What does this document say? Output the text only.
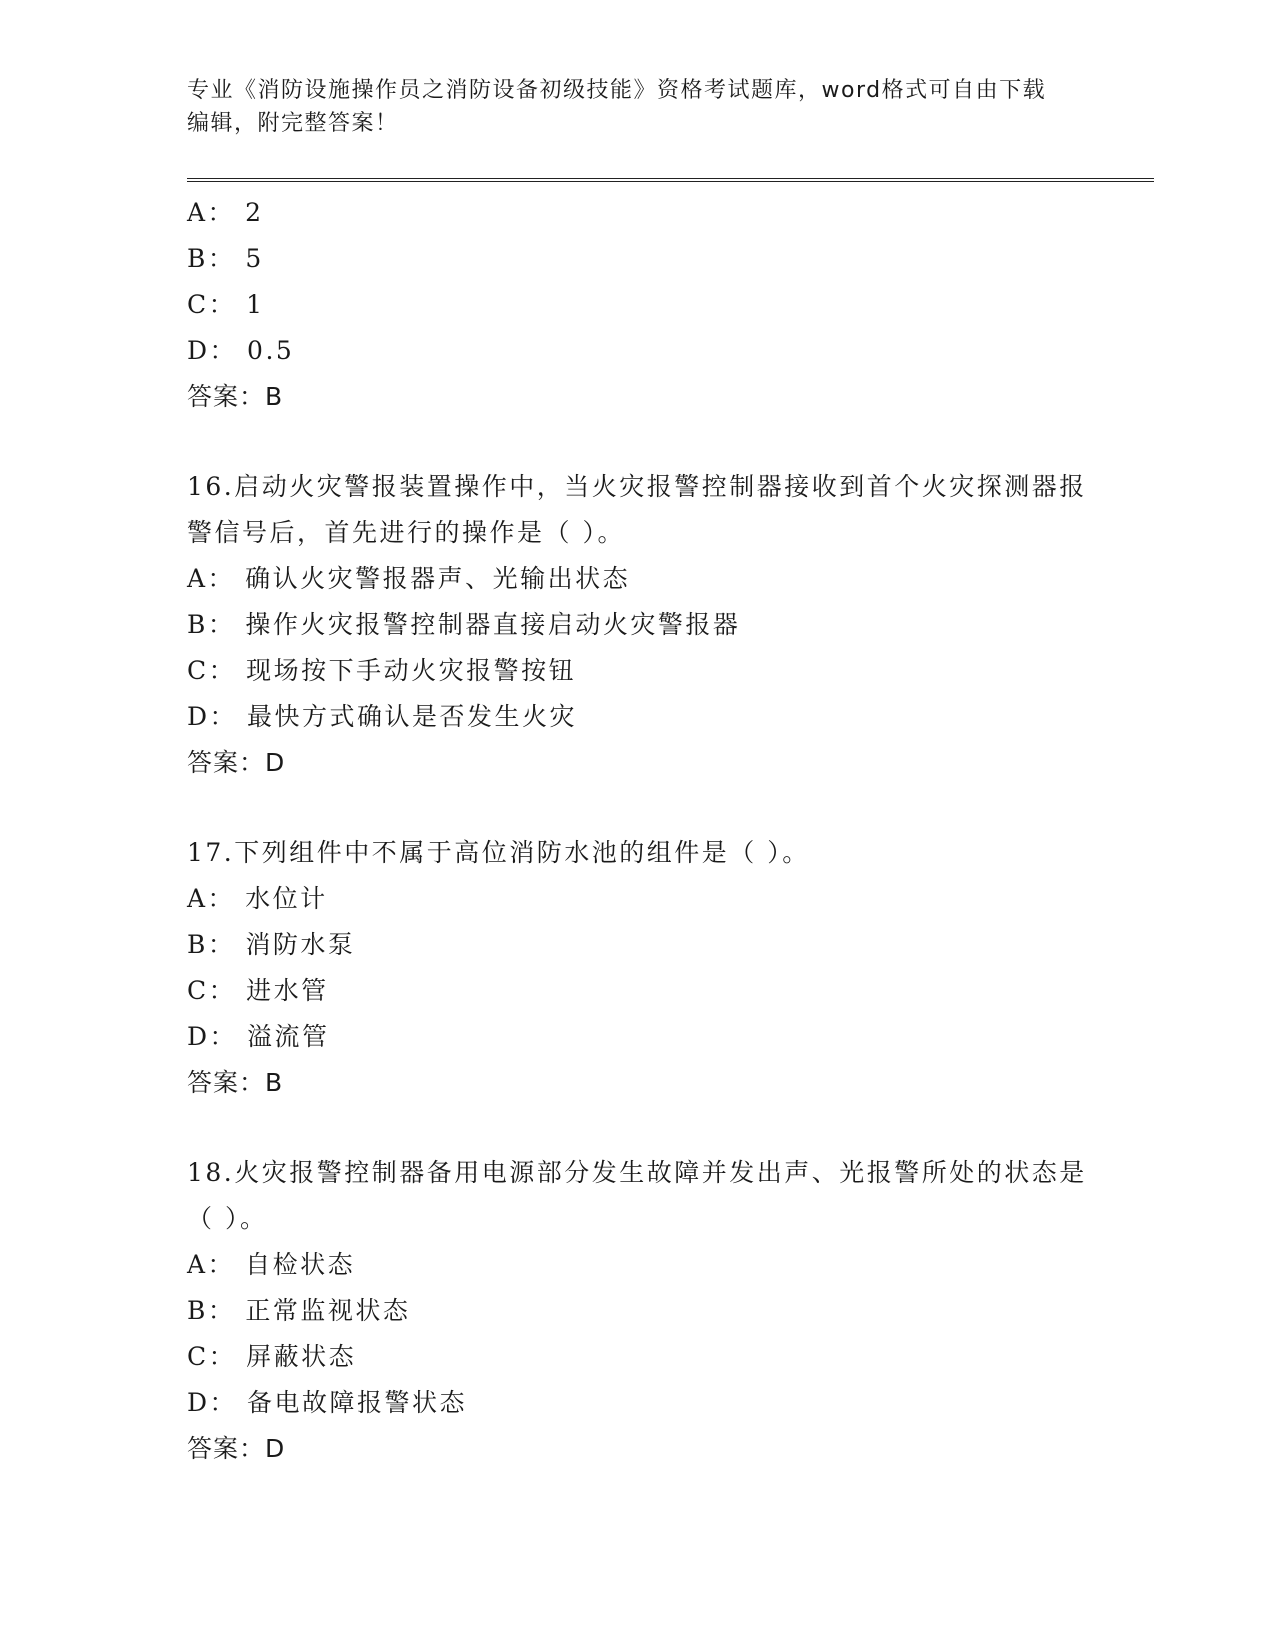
专业《消防设施操作员之消防设备初级技能》资格考试题库，word格式可自由下载编辑，附完整答案！
A： 2
B： 5
C： 1
D： 0.5
答案：B
16.启动火灾警报装置操作中，当火灾报警控制器接收到首个火灾探测器报警信号后，首先进行的操作是（ ）。
A： 确认火灾警报器声、光输出状态
B： 操作火灾报警控制器直接启动火灾警报器
C： 现场按下手动火灾报警按钮
D： 最快方式确认是否发生火灾
答案：D
17.下列组件中不属于高位消防水池的组件是（ ）。
A： 水位计
B： 消防水泵
C： 进水管
D： 溢流管
答案：B
18.火灾报警控制器备用电源部分发生故障并发出声、光报警所处的状态是（ ）。
A： 自检状态
B： 正常监视状态
C： 屏蔽状态
D： 备电故障报警状态
答案：D
